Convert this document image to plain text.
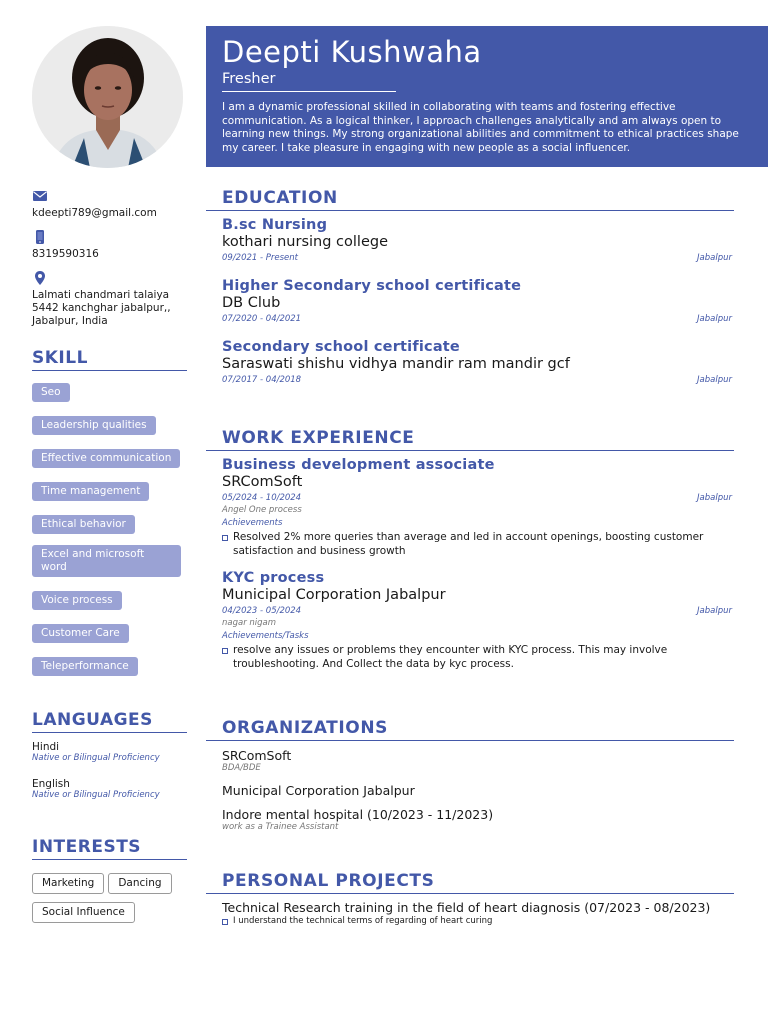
kdeepti789@gmail.com
8319590316
Lalmati chandmari talaiya
5442 kanchghar jabalpur,,
Jabalpur, India
SKILL
Seo
Leadership qualities
Effective communication
Time management
Ethical behavior
Excel and microsoft word
Voice process
Customer Care
Teleperformance
LANGUAGES
Hindi
Native or Bilingual Proficiency
English
Native or Bilingual Proficiency
INTERESTS
Marketing Dancing
Social Influence
Deepti Kushwaha
Fresher
I am a dynamic professional skilled in collaborating with teams and fostering effective communication. As a logical thinker, I approach challenges analytically and am always open to learning new things. My strong organizational abilities and commitment to ethical practices shape my career. I take pleasure in engaging with new people as a social influencer.
EDUCATION
B.sc Nursing
kothari nursing college
09/2021 - Present	Jabalpur
Higher Secondary school certificate
DB Club
07/2020 - 04/2021	Jabalpur
Secondary school certificate
Saraswati shishu vidhya mandir ram mandir gcf
07/2017 - 04/2018	Jabalpur
WORK EXPERIENCE
Business development associate
SRComSoft
05/2024 - 10/2024	Jabalpur
Angel One process
Achievements
Resolved 2% more queries than average and led in account openings, boosting customer satisfaction and business growth
KYC process
Municipal Corporation Jabalpur
04/2023 - 05/2024	Jabalpur
nagar nigam
Achievements/Tasks
resolve any issues or problems they encounter with KYC process. This may involve troubleshooting. And Collect the data by kyc process.
ORGANIZATIONS
SRComSoft
BDA/BDE
Municipal Corporation Jabalpur
Indore mental hospital (10/2023 - 11/2023)
work as a Trainee Assistant
PERSONAL PROJECTS
Technical Research training in the field of heart diagnosis (07/2023 - 08/2023)
I understand the technical terms of regarding of heart curing
